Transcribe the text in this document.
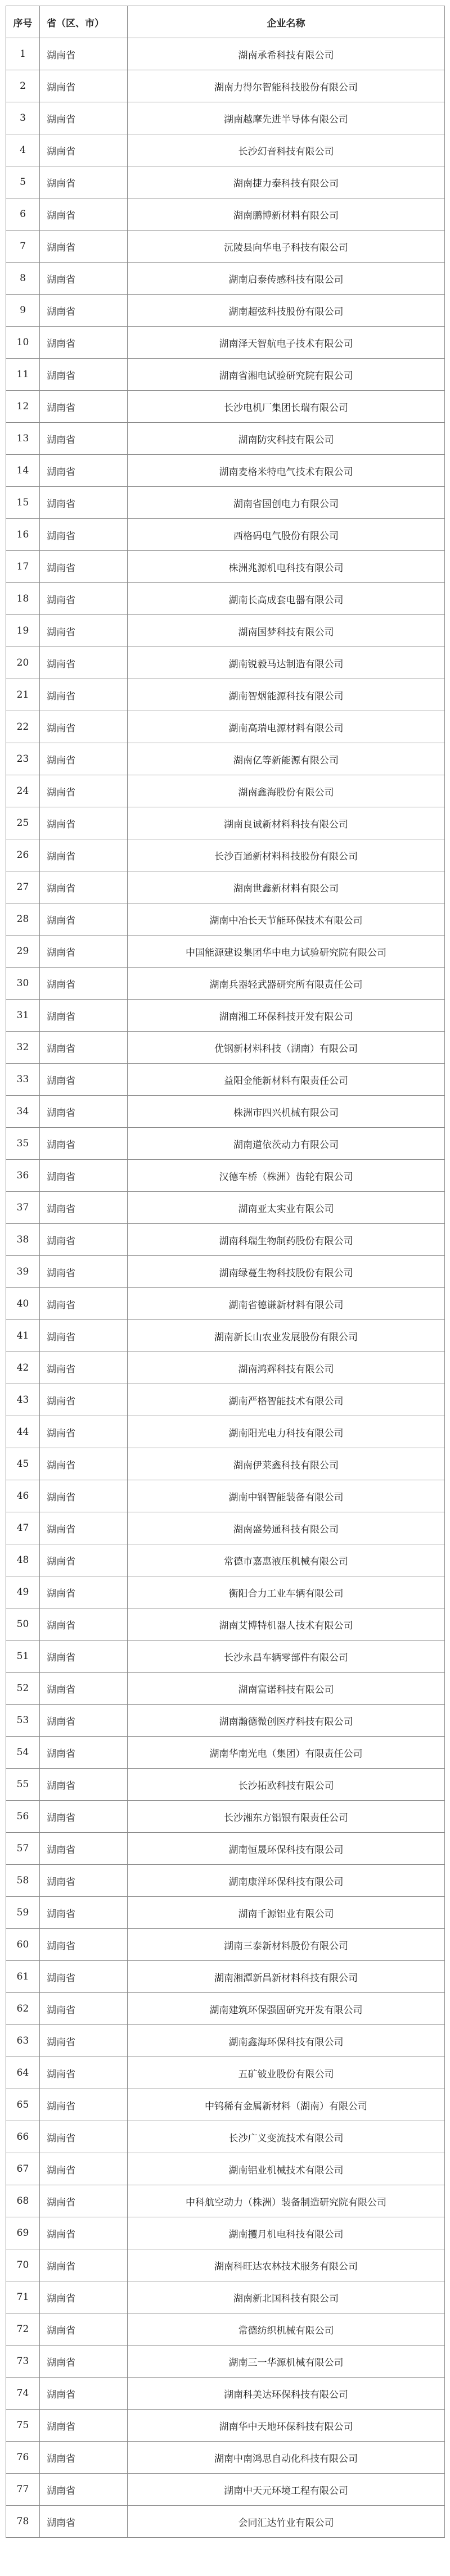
序号	省（区、市）	企业名称
1	湖南省	湖南承希科技有限公司
2	湖南省	湖南力得尔智能科技股份有限公司
3	湖南省	湖南越摩先进半导体有限公司
4	湖南省	长沙幻音科技有限公司
5	湖南省	湖南捷力泰科技有限公司
6	湖南省	湖南鹏博新材料有限公司
7	湖南省	沅陵县向华电子科技有限公司
8	湖南省	湖南启泰传感科技有限公司
9	湖南省	湖南超弦科技股份有限公司
10	湖南省	湖南泽天智航电子技术有限公司
11	湖南省	湖南省湘电试验研究院有限公司
12	湖南省	长沙电机厂集团长瑞有限公司
13	湖南省	湖南防灾科技有限公司
14	湖南省	湖南麦格米特电气技术有限公司
15	湖南省	湖南省国创电力有限公司
16	湖南省	西格码电气股份有限公司
17	湖南省	株洲兆源机电科技有限公司
18	湖南省	湖南长高成套电器有限公司
19	湖南省	湖南国梦科技有限公司
20	湖南省	湖南锐毅马达制造有限公司
21	湖南省	湖南智烟能源科技有限公司
22	湖南省	湖南高瑞电源材料有限公司
23	湖南省	湖南亿等新能源有限公司
24	湖南省	湖南鑫海股份有限公司
25	湖南省	湖南良诚新材料科技有限公司
26	湖南省	长沙百通新材料科技股份有限公司
27	湖南省	湖南世鑫新材料有限公司
28	湖南省	湖南中冶长天节能环保技术有限公司
29	湖南省	中国能源建设集团华中电力试验研究院有限公司
30	湖南省	湖南兵器轻武器研究所有限责任公司
31	湖南省	湖南湘工环保科技开发有限公司
32	湖南省	优钢新材料科技（湖南）有限公司
33	湖南省	益阳金能新材料有限责任公司
34	湖南省	株洲市四兴机械有限公司
35	湖南省	湖南道依茨动力有限公司
36	湖南省	汉德车桥（株洲）齿轮有限公司
37	湖南省	湖南亚太实业有限公司
38	湖南省	湖南科瑞生物制药股份有限公司
39	湖南省	湖南绿蔓生物科技股份有限公司
40	湖南省	湖南省德谦新材料有限公司
41	湖南省	湖南新长山农业发展股份有限公司
42	湖南省	湖南鸿辉科技有限公司
43	湖南省	湖南严格智能技术有限公司
44	湖南省	湖南阳光电力科技有限公司
45	湖南省	湖南伊莱鑫科技有限公司
46	湖南省	湖南中钢智能装备有限公司
47	湖南省	湖南盛势通科技有限公司
48	湖南省	常德市嘉惠液压机械有限公司
49	湖南省	衡阳合力工业车辆有限公司
50	湖南省	湖南艾博特机器人技术有限公司
51	湖南省	长沙永昌车辆零部件有限公司
52	湖南省	湖南富诺科技有限公司
53	湖南省	湖南瀚德微创医疗科技有限公司
54	湖南省	湖南华南光电（集团）有限责任公司
55	湖南省	长沙拓欧科技有限公司
56	湖南省	长沙湘东方铝银有限责任公司
57	湖南省	湖南恒晟环保科技有限公司
58	湖南省	湖南康洋环保科技有限公司
59	湖南省	湖南千源铝业有限公司
60	湖南省	湖南三泰新材料股份有限公司
61	湖南省	湖南湘潭新昌新材料科技有限公司
62	湖南省	湖南建筑环保强固研究开发有限公司
63	湖南省	湖南鑫海环保科技有限公司
64	湖南省	五矿铍业股份有限公司
65	湖南省	中钨稀有金属新材料（湖南）有限公司
66	湖南省	长沙广义变流技术有限公司
67	湖南省	湖南铝业机械技术有限公司
68	湖南省	中科航空动力（株洲）装备制造研究院有限公司
69	湖南省	湖南攫月机电科技有限公司
70	湖南省	湖南科旺达农林技术服务有限公司
71	湖南省	湖南新北国科技有限公司
72	湖南省	常德纺织机械有限公司
73	湖南省	湖南三一华源机械有限公司
74	湖南省	湖南科美达环保科技有限公司
75	湖南省	湖南华中天地环保科技有限公司
76	湖南省	湖南中南鸿思自动化科技有限公司
77	湖南省	湖南中天元环境工程有限公司
78	湖南省	会同汇达竹业有限公司
